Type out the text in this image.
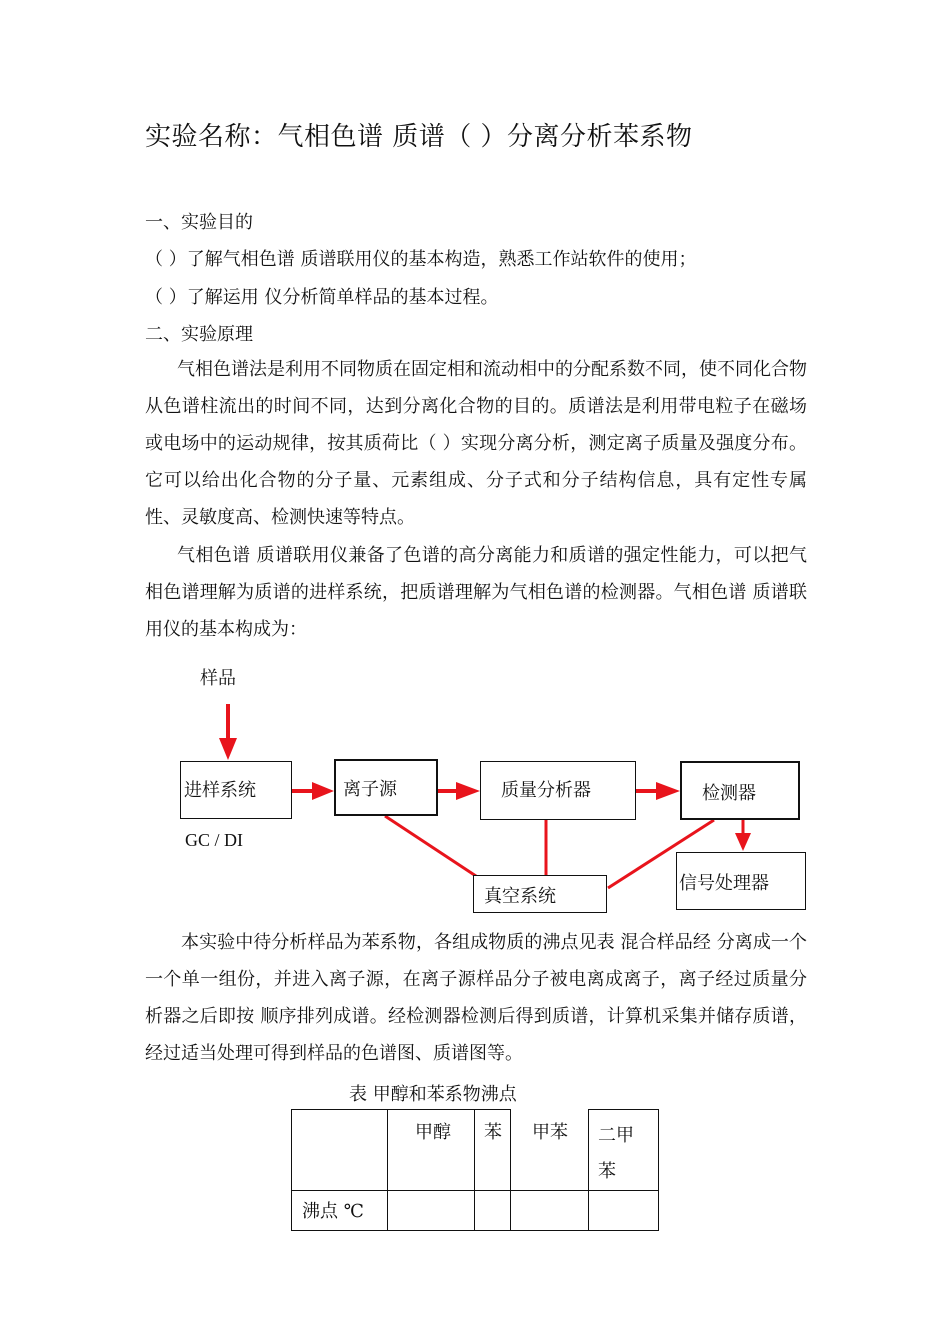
实验名称：气相色谱 质谱（ ）分离分析苯系物
一、实验目的
（ ）了解气相色谱 质谱联用仪的基本构造，熟悉工作站软件的使用；
（ ）了解运用 仪分析简单样品的基本过程。
二、实验原理
气相色谱法是利用不同物质在固定相和流动相中的分配系数不同，使不同化合物从色谱柱流出的时间不同，达到分离化合物的目的。质谱法是利用带电粒子在磁场或电场中的运动规律，按其质荷比（ ）实现分离分析，测定离子质量及强度分布。它可以给出化合物的分子量、元素组成、分子式和分子结构信息，具有定性专属性、灵敏度高、检测快速等特点。
气相色谱 质谱联用仪兼备了色谱的高分离能力和质谱的强定性能力，可以把气相色谱理解为质谱的进样系统，把质谱理解为气相色谱的检测器。气相色谱 质谱联用仪的基本构成为：
样品
进样系统
GC / DI
离子源	质量分析器	检测器
信号处理器
真空系统
本实验中待分析样品为苯系物，各组成物质的沸点见表 混合样品经 分离成一个一个单一组份，并进入离子源，在离子源样品分子被电离成离子，离子经过质量分析器之后即按 顺序排列成谱。经检测器检测后得到质谱，计算机采集并储存质谱，经过适当处理可得到样品的色谱图、质谱图等。
表 甲醇和苯系物沸点
	甲醇	苯	甲苯	二甲苯
沸点 ℃				
